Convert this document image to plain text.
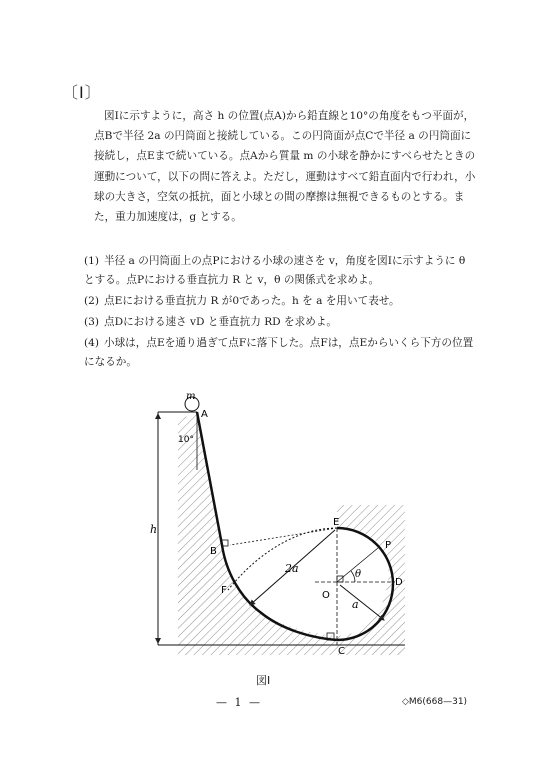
〔Ⅰ〕
図Ⅰに示すように，高さ h の位置(点A)から鉛直線と10°の角度をもつ平面が，点Bで半径 2a の円筒面と接続している。この円筒面が点Cで半径 a の円筒面に接続し，点Eまで続いている。点Aから質量 m の小球を静かにすべらせたときの運動について，以下の問に答えよ。ただし，運動はすべて鉛直面内で行われ，小球の大きさ，空気の抵抗，面と小球との間の摩擦は無視できるものとする。また，重力加速度は，g とする。
(1) 半径 a の円筒面上の点Pにおける小球の速さを v，角度を図Ⅰに示すように θ とする。点Pにおける垂直抗力 R と v，θ の関係式を求めよ。
(2) 点Eにおける垂直抗力 R が0であった。h を a を用いて表せ。
(3) 点Dにおける速さ vD と垂直抗力 RD を求めよ。
(4) 小球は，点Eを通り過ぎて点Fに落下した。点Fは，点Eからいくら下方の位置になるか。
m
A
10°
h
B
E
P
2a	θ
D
F	O
a
C
図Ⅰ
— 1 —	◇M6(668—31)
